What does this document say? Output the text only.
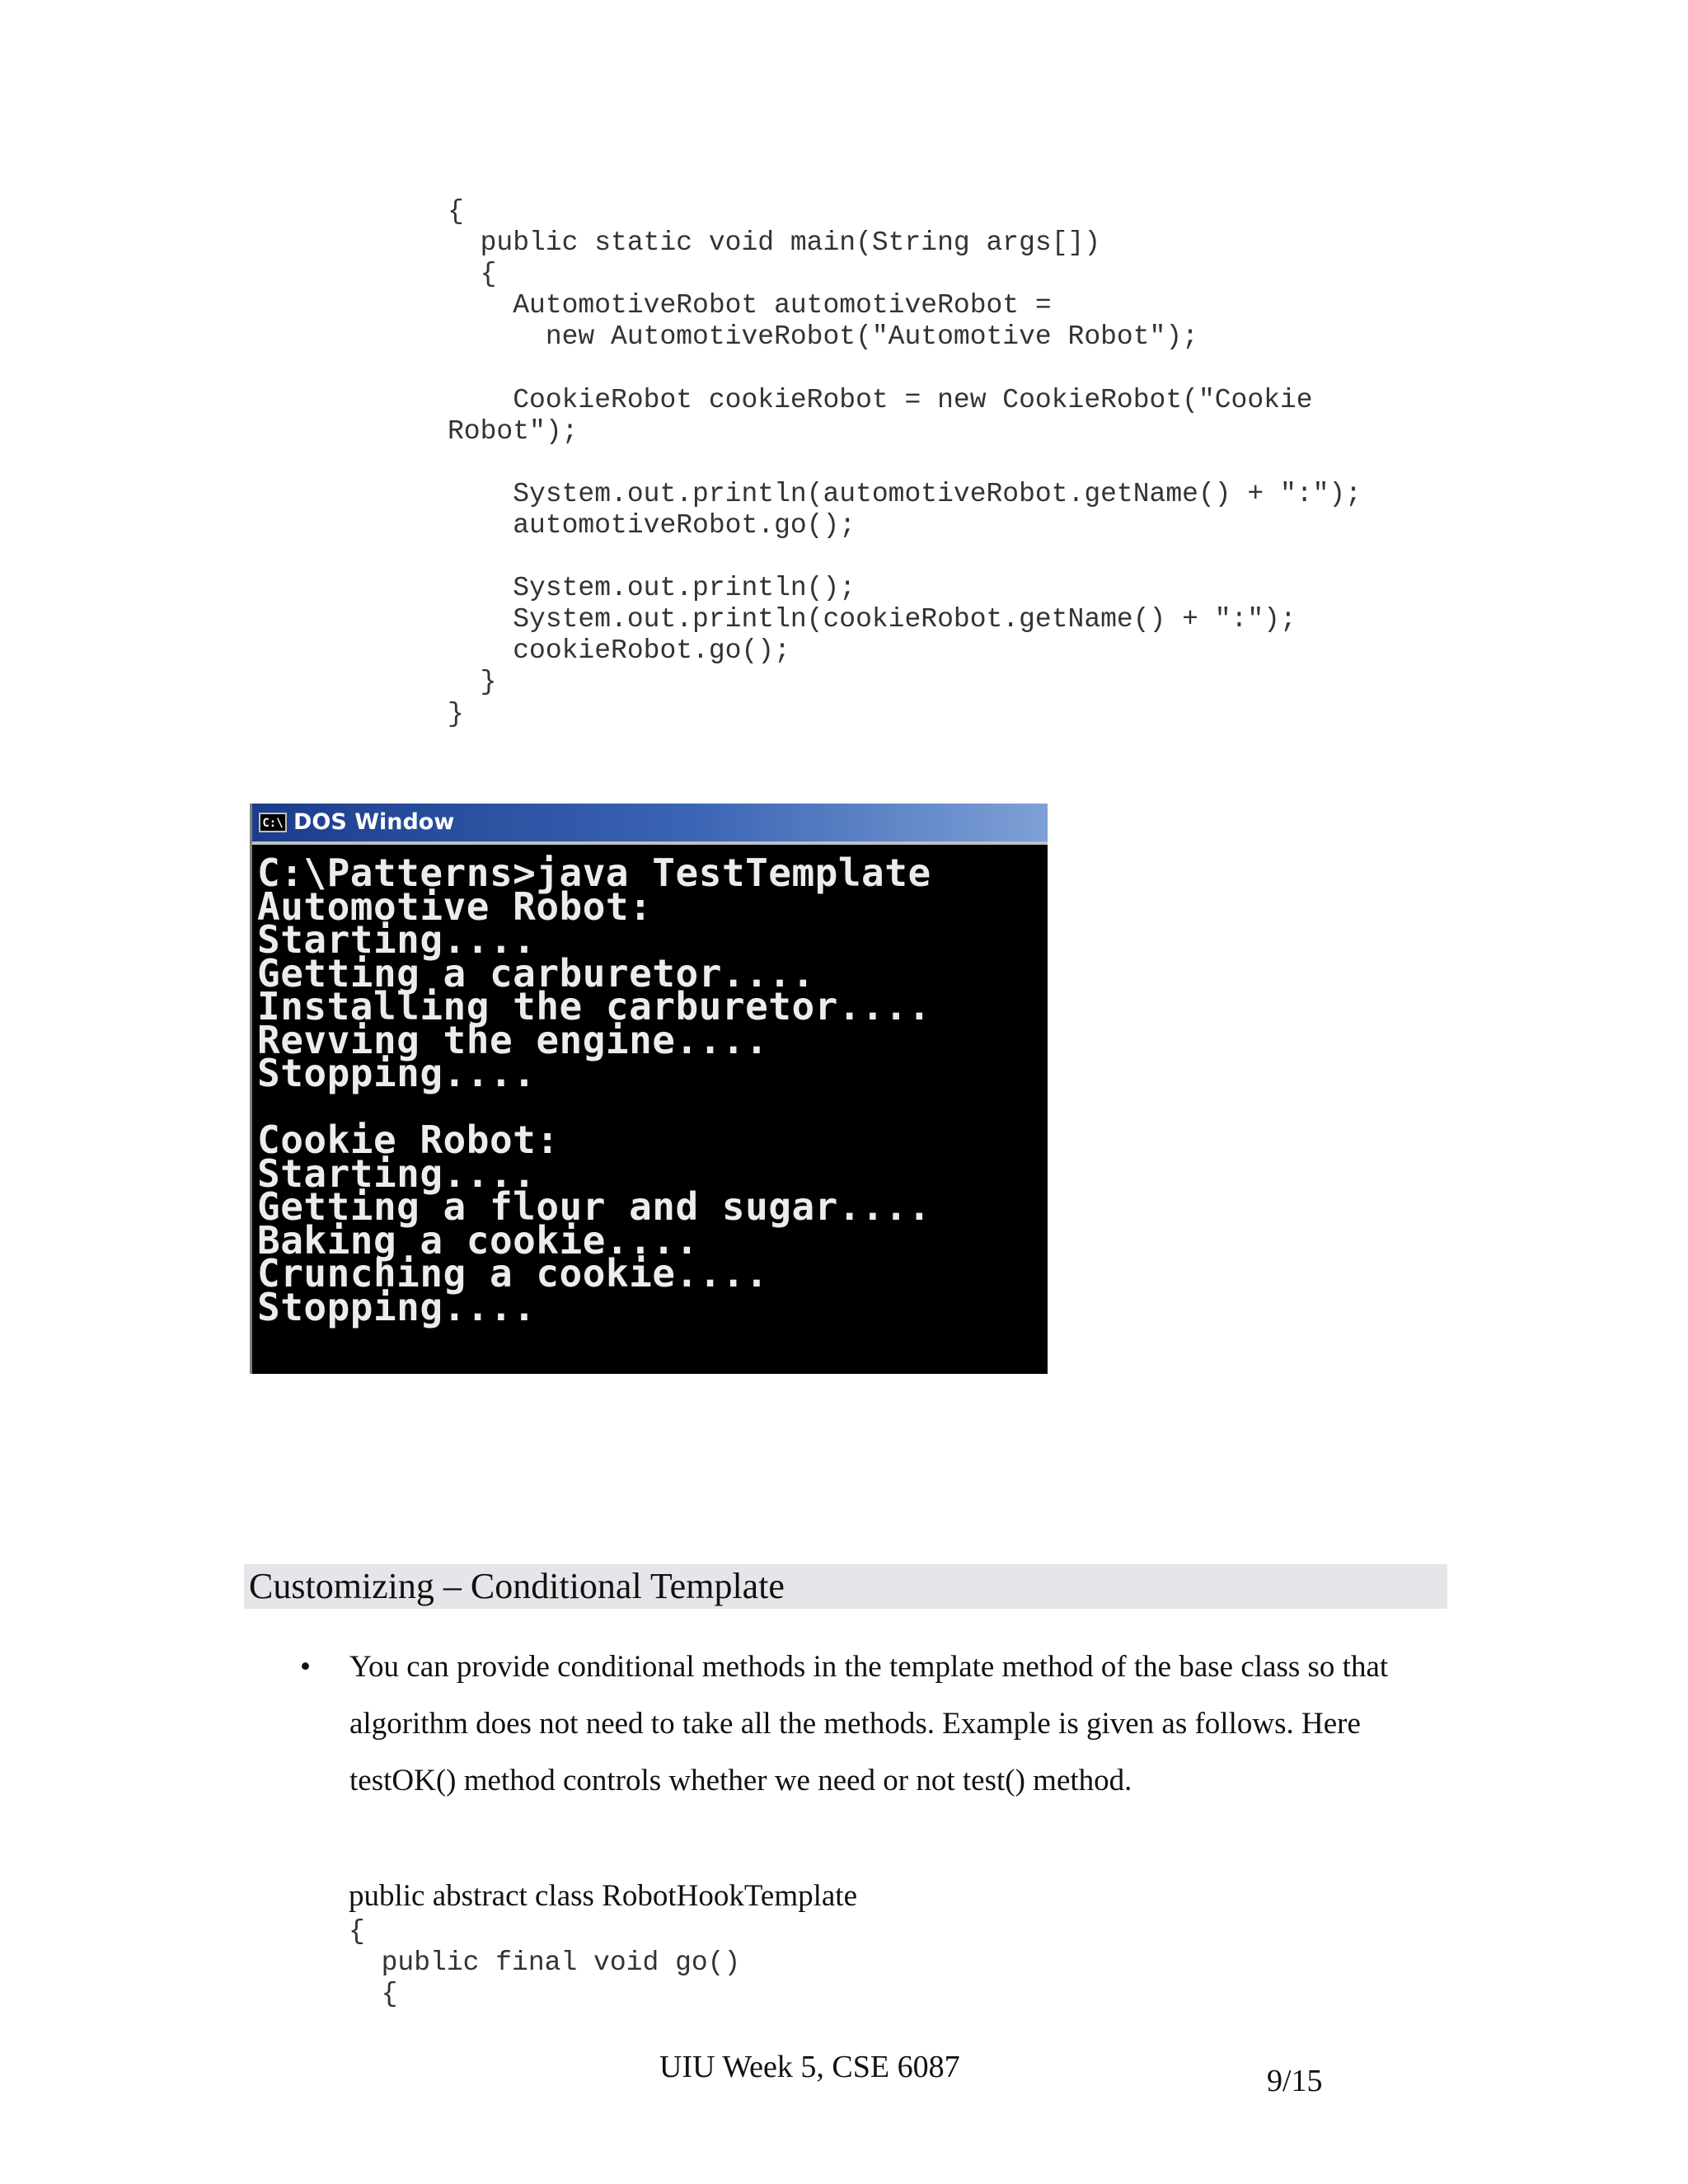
{
public static void main(String args[])
{
AutomotiveRobot automotiveRobot =
new AutomotiveRobot("Automotive Robot");

CookieRobot cookieRobot = new CookieRobot("Cookie
Robot");

System.out.println(automotiveRobot.getName() + ":");
automotiveRobot.go();

System.out.println();
System.out.println(cookieRobot.getName() + ":");
cookieRobot.go();
}
}
C:\ DOS Window
C:\Patterns>java TestTemplate
Automotive Robot:
Starting....
Getting a carburetor....
Installing the carburetor....
Revving the engine....
Stopping....

Cookie Robot:
Starting....
Getting a flour and sugar....
Baking a cookie....
Crunching a cookie....
Stopping....
Customizing – Conditional Template
• You can provide conditional methods in the template method of the base class so that algorithm does not need to take all the methods. Example is given as follows. Here testOK() method controls whether we need or not test() method.
public abstract class RobotHookTemplate
{
public final void go()
{
UIU Week 5, CSE 6087	9/15
